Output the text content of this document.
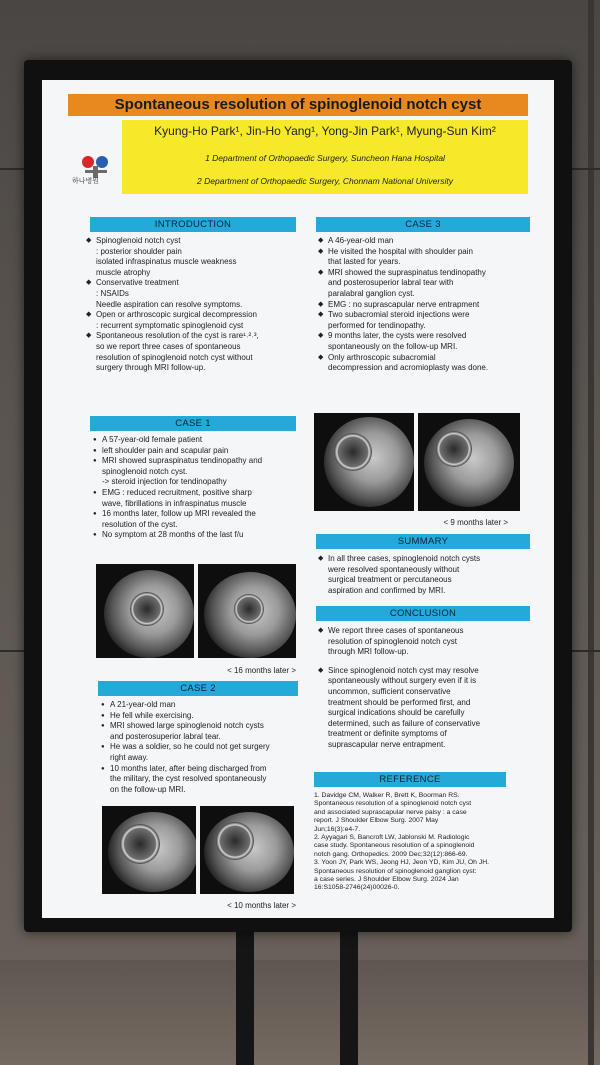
Spontaneous resolution of spinoglenoid notch cyst
Kyung-Ho Park¹, Jin-Ho Yang¹, Yong-Jin Park¹, Myung-Sun Kim²
1 Department of Orthopaedic Surgery, Suncheon Hana Hospital
2 Department of Orthopaedic Surgery, Chonnam National University
하나병원
INTRODUCTION

◆ Spinoglenoid notch cyst

: posterior shoulder pain

isolated infraspinatus muscle weakness

muscle atrophy

◆ Conservative treatment

: NSAIDs

Needle aspiration can resolve symptoms.

◆ Open or arthroscopic surgical decompression

: recurrent symptomatic spinoglenoid cyst

◆ Spontaneous resolution of the cyst is rare¹˒²˒³,

so we report three cases of spontaneous

resolution of spinoglenoid notch cyst without

surgery through MRI follow-up.

CASE 1

● A 57-year-old female patient

● left shoulder pain and scapular pain

● MRI showed supraspinatus tendinopathy and

spinoglenoid notch cyst.

-> steroid injection for tendinopathy

● EMG : reduced recruitment, positive sharp

wave, fibrillations in infraspinatus muscle

● 16 months later, follow up MRI revealed the

resolution of the cyst.

● No symptom at 28 months of the last f/u

< 16 months later >
CASE 2

● A 21-year-old man

● He fell while exercising.

● MRI showed large spinoglenoid notch cysts

and posterosuperior labral tear.

● He was a soldier, so he could not get surgery

right away.

● 10 months later, after being discharged from

the military, the cyst resolved spontaneously

on the follow-up MRI.

< 10 months later >
CASE 3

◆ A 46-year-old man

◆ He visited the hospital with shoulder pain

that lasted for years.

◆ MRI showed the supraspinatus tendinopathy

and posterosuperior labral tear with

paralabral ganglion cyst.

◆ EMG : no suprascapular nerve entrapment

◆ Two subacromial steroid injections were

performed for tendinopathy.

◆ 9 months later, the cysts were resolved

spontaneously on the follow-up MRI.

◆ Only arthroscopic subacromial

decompression and acromioplasty was done.

< 9 months later >
SUMMARY

◆ In all three cases, spinoglenoid notch cysts

were resolved spontaneously without

surgical treatment or percutaneous

aspiration and confirmed by MRI.

CONCLUSION

◆ We report three cases of spontaneous

resolution of spinoglenoid notch cyst

through MRI follow-up.

◆ Since spinoglenoid notch cyst may resolve

spontaneously without surgery even if it is

uncommon, sufficient conservative

treatment should be performed first, and

surgical indications should be carefully

determined, such as failure of conservative

treatment or definite symptoms of

suprascapular nerve entrapment.

REFERENCE

1. Davidge CM, Walker R, Brett K, Boorman RS.

Spontaneous resolution of a spinoglenoid notch cyst

and associated suprascapular nerve palsy : a case

report. J Shoulder Elbow Surg. 2007 May

Jun;16(3):e4-7.

2. Ayyagari S, Bancroft LW, Jablonski M. Radiologic

case study. Spontaneous resolution of a spinoglenoid

notch gang. Orthopedics. 2009 Dec;32(12):866-69.

3. Yoon JY, Park WS, Jeong HJ, Jeon YD, Kim JU, Oh JH.

Spontaneous resolution of spinoglenoid ganglion cyst:

a case series. J Shoulder Elbow Surg. 2024 Jan

16:S1058-2746(24)00026-0.
